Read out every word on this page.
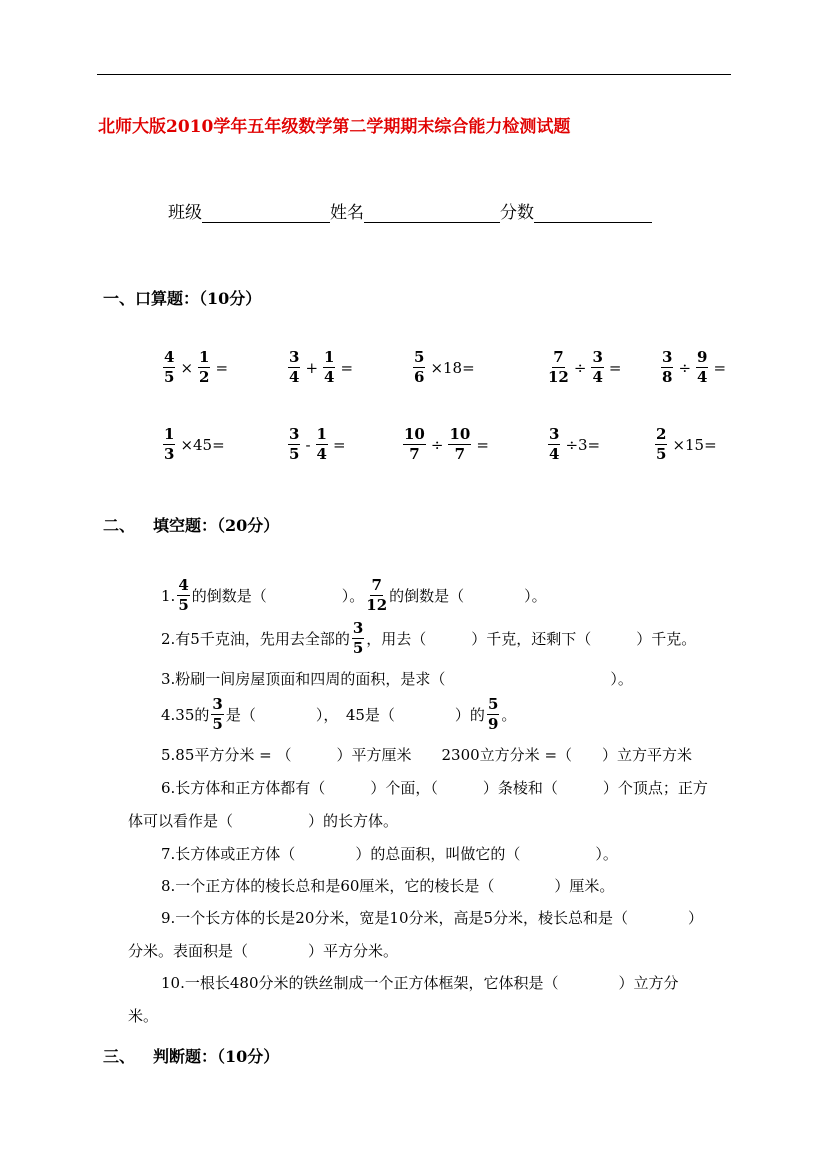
北师大版2010学年五年级数学第二学期期末综合能力检测试题
班级	姓名	分数
一、口算题：（10分）
$\frac{4}{5} \times \frac{1}{2}$ =	$\frac{3}{4} + \frac{1}{4}$ =	$\frac{5}{6} \times 18=$	$\frac{7}{12} \div \frac{3}{4}$ =	$\frac{3}{8} \div \frac{9}{4}$ =
$\frac{1}{3} \times 45=$	$\frac{3}{5} - \frac{1}{4}$ =	$\frac{10}{7} \div \frac{10}{7}$ =	$\frac{3}{4} \div 3=$	$\frac{2}{5} \times 15=$
二、 填空题：（20分）
1. $\frac{4}{5}$ 的倒数是（　　　　　）。 $\frac{7}{12}$ 的倒数是（　　　　）。
2.有5千克油，先用去全部的 $\frac{3}{5}$ ，用去（　　　）千克，还剩下（　　　）千克。
3.粉刷一间房屋顶面和四周的面积，是求（　　　　　　　　　　　）。
4.35的 $\frac{3}{5}$ 是（　　　　），　45是（　　　　）的 $\frac{5}{9}$ 。
5.85平方分米 = （　　　）平方厘米　　2300立方分米 =（　　）立方平方米
6.长方体和正方体都有（　　　）个面，（　　　）条棱和（　　　）个顶点；正方
体可以看作是（　　　　　）的长方体。
7.长方体或正方体（　　　　）的总面积，叫做它的（　　　　　）。
8.一个正方体的棱长总和是60厘米，它的棱长是（　　　　）厘米。
9.一个长方体的长是20分米，宽是10分米，高是5分米，棱长总和是（　　　　）
分米。表面积是（　　　　）平方分米。
10.一根长480分米的铁丝制成一个正方体框架，它体积是（　　　　）立方分
米。
三、 判断题：（10分）
